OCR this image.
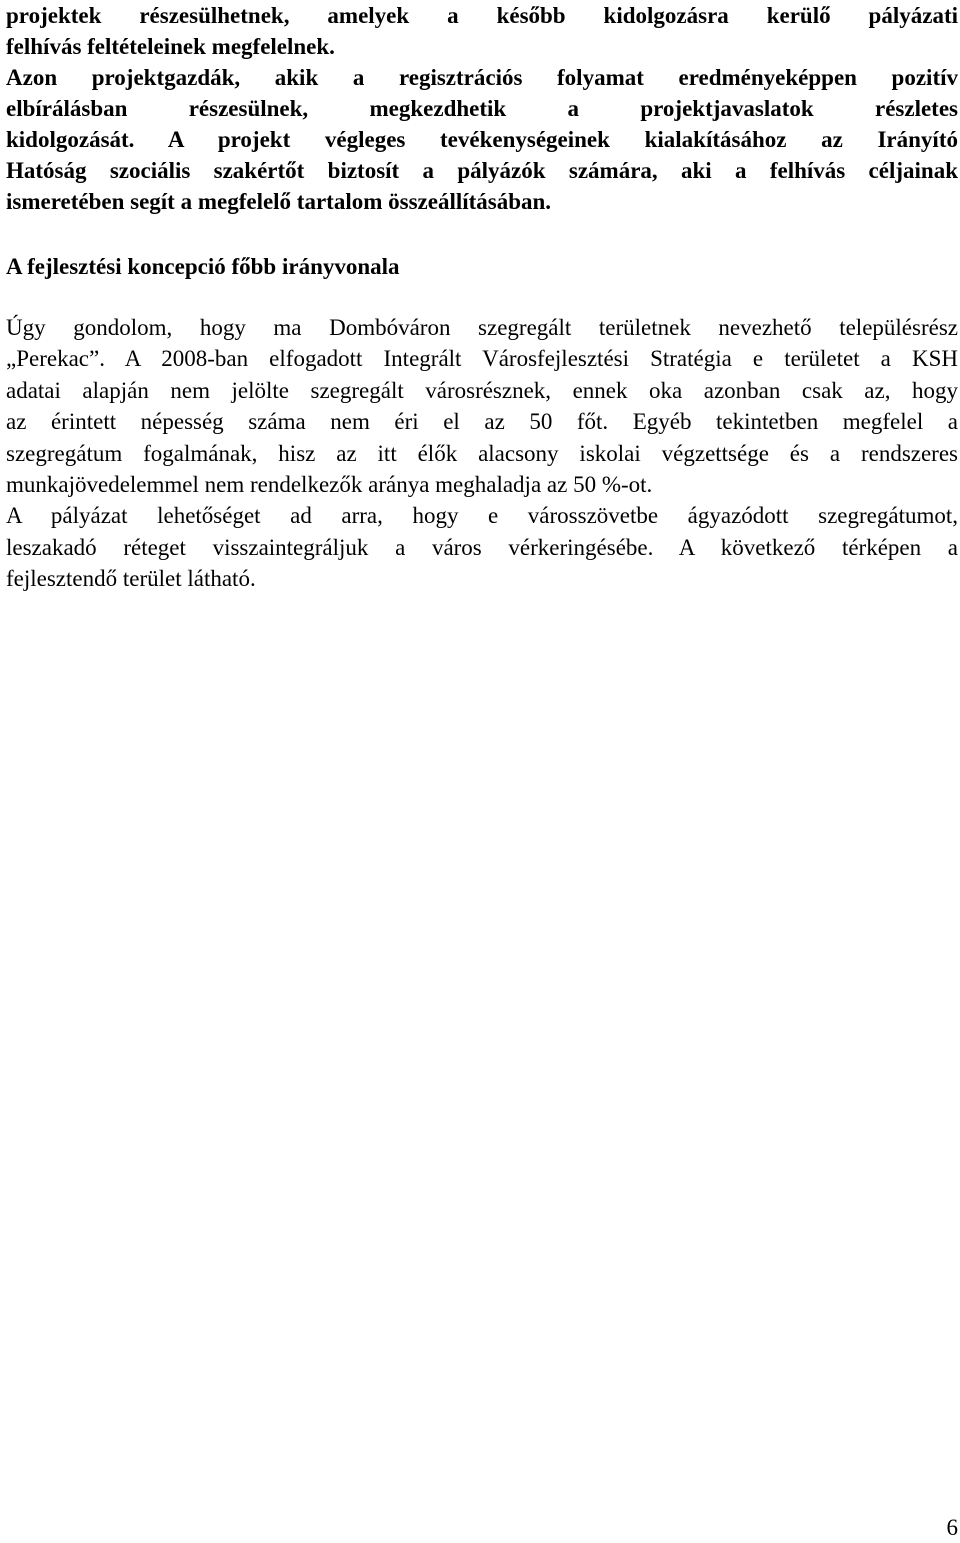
projektek részesülhetnek, amelyek a később kidolgozásra kerülő pályázati
felhívás feltételeinek megfelelnek.
Azon projektgazdák, akik a regisztrációs folyamat eredményeképpen pozitív
elbírálásban részesülnek, megkezdhetik a projektjavaslatok részletes
kidolgozását. A projekt végleges tevékenységeinek kialakításához az Irányító
Hatóság szociális szakértőt biztosít a pályázók számára, aki a felhívás céljainak
ismeretében segít a megfelelő tartalom összeállításában.
A fejlesztési koncepció főbb irányvonala
Úgy gondolom, hogy ma Dombóváron szegregált területnek nevezhető településrész
„Perekac”. A 2008-ban elfogadott Integrált Városfejlesztési Stratégia e területet a KSH
adatai alapján nem jelölte szegregált városrésznek, ennek oka azonban csak az, hogy
az érintett népesség száma nem éri el az 50 főt. Egyéb tekintetben megfelel a
szegregátum fogalmának, hisz az itt élők alacsony iskolai végzettsége és a rendszeres
munkajövedelemmel nem rendelkezők aránya meghaladja az 50 %-ot.
A pályázat lehetőséget ad arra, hogy e városszövetbe ágyazódott szegregátumot,
leszakadó réteget visszaintegráljuk a város vérkeringésébe. A következő térképen a
fejlesztendő terület látható.
6
